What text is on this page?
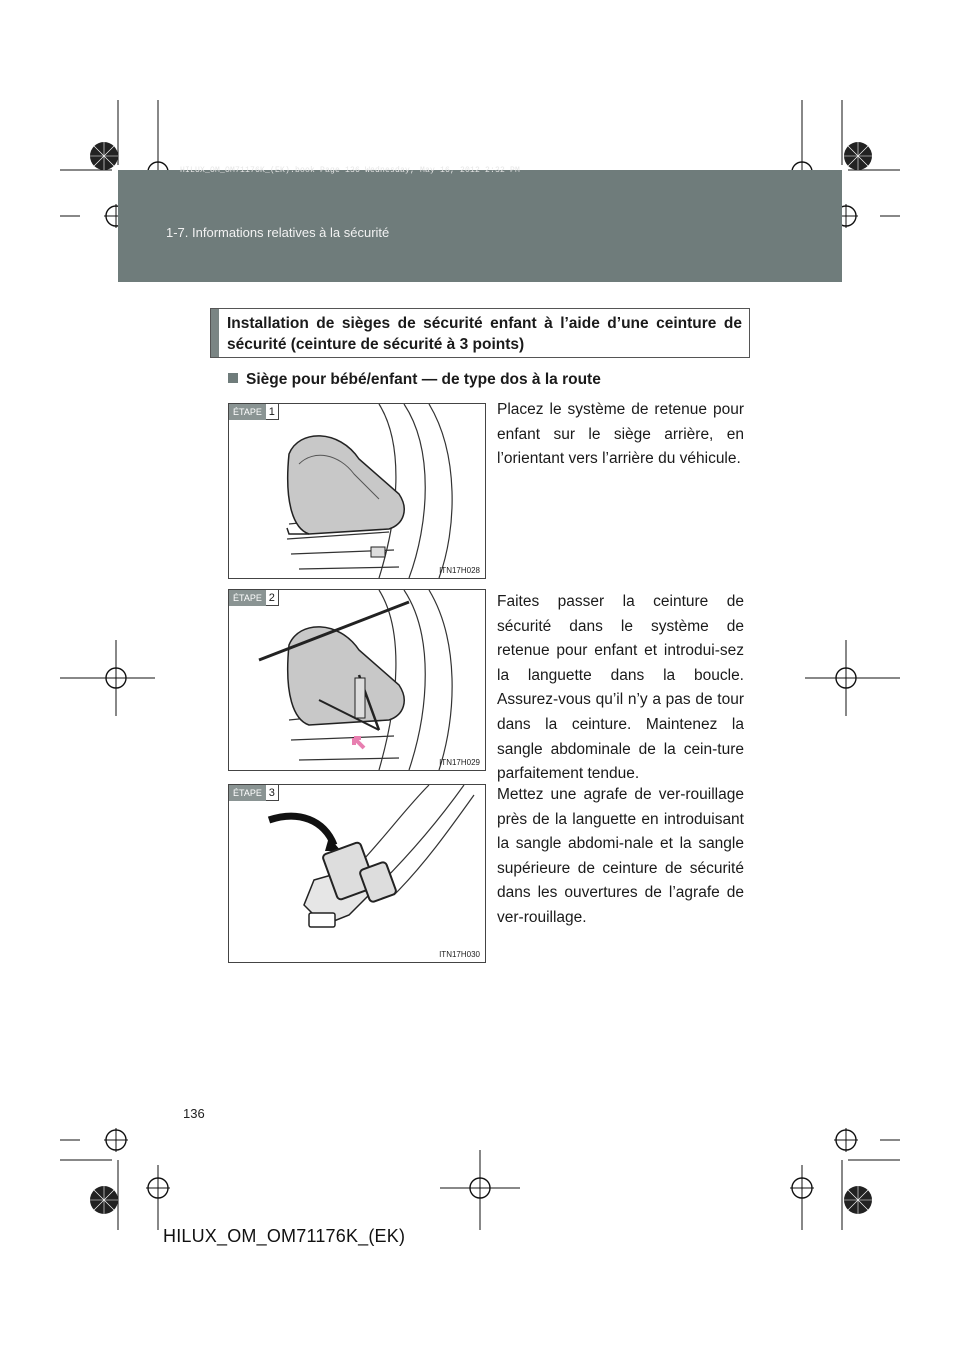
HILUX_OM_OM71176K_(EK).book Page 136 Wednesday, May 16, 2012 2:32 PM
1-7. Informations relatives à la sécurité
Installation de sièges de sécurité enfant à l’aide d’une ceinture de sécurité (ceinture de sécurité à 3 points)
Siège pour bébé/enfant — de type dos à la route
ÉTAPE 1
ITN17H028
Placez le système de retenue pour enfant sur le siège arrière, en l’orientant vers l’arrière du véhicule.
ÉTAPE 2
ITN17H029
Faites passer la ceinture de sécurité dans le système de retenue pour enfant et introdui-sez la languette dans la boucle. Assurez-vous qu’il n’y a pas de tour dans la ceinture. Maintenez la sangle abdominale de la cein-ture parfaitement tendue.
ÉTAPE 3
ITN17H030
Mettez une agrafe de ver-rouillage près de la languette en introduisant la sangle abdomi-nale et la sangle supérieure de ceinture de sécurité dans les ouvertures de l’agrafe de ver-rouillage.
136
HILUX_OM_OM71176K_(EK)
